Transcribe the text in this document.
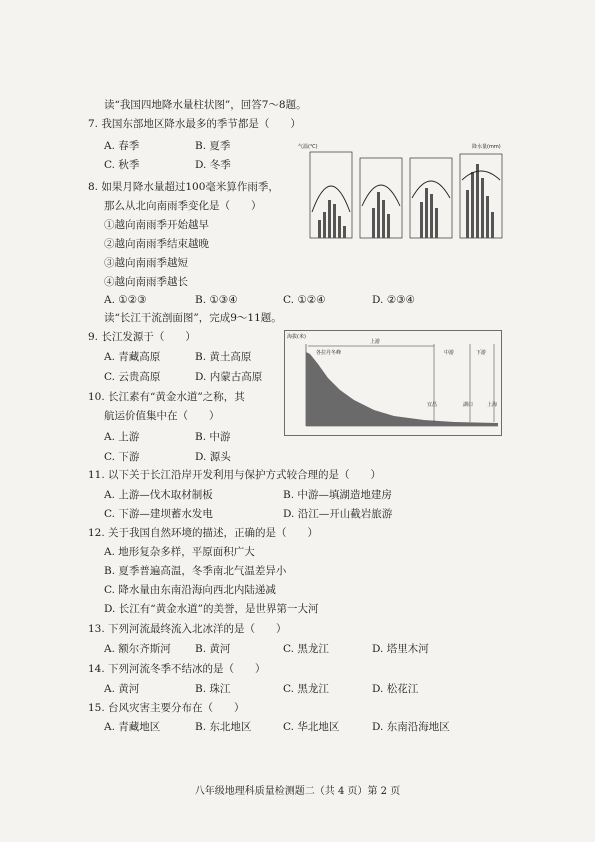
读“我国四地降水量柱状图”，回答7～8题。
7. 我国东部地区降水最多的季节都是（　　）
A. 春季	B. 夏季
C. 秋季	D. 冬季
8. 如果月降水量超过100毫米算作雨季，
那么从北向南雨季变化是（　　）
①越向南雨季开始越早
②越向南雨季结束越晚
③越向南雨季越短
④越向南雨季越长
A. ①②③	B. ①③④	C. ①②④	D. ②③④
气温(℃)	降水量(mm)
读“长江干流剖面图”，完成9～11题。
9. 长江发源于（　　）
A. 青藏高原	B. 黄土高原
C. 云贵高原	D. 内蒙古高原
海拔(米)
上游
各拉丹冬峰	中游	下游
宜昌	湖口	上海
10. 长江素有“黄金水道”之称，其
航运价值集中在（　　）
A. 上游	B. 中游
C. 下游	D. 源头
11. 以下关于长江沿岸开发利用与保护方式较合理的是（　　）
A. 上游—伐木取材制板	B. 中游—填湖造地建房
C. 下游—建坝蓄水发电	D. 沿江—开山截岩旅游
12. 关于我国自然环境的描述，正确的是（　　）
A. 地形复杂多样，平原面积广大
B. 夏季普遍高温，冬季南北气温差异小
C. 降水量由东南沿海向西北内陆递减
D. 长江有“黄金水道”的美誉，是世界第一大河
13. 下列河流最终流入北冰洋的是（　　）
A. 额尔齐斯河 B. 黄河	C. 黑龙江	D. 塔里木河
14. 下列河流冬季不结冰的是（　　）
A. 黄河	B. 珠江	C. 黑龙江	D. 松花江
15. 台风灾害主要分布在（　　）
A. 青藏地区	B. 东北地区	C. 华北地区	D. 东南沿海地区
八年级地理科质量检测题二（共 4 页）第 2 页
